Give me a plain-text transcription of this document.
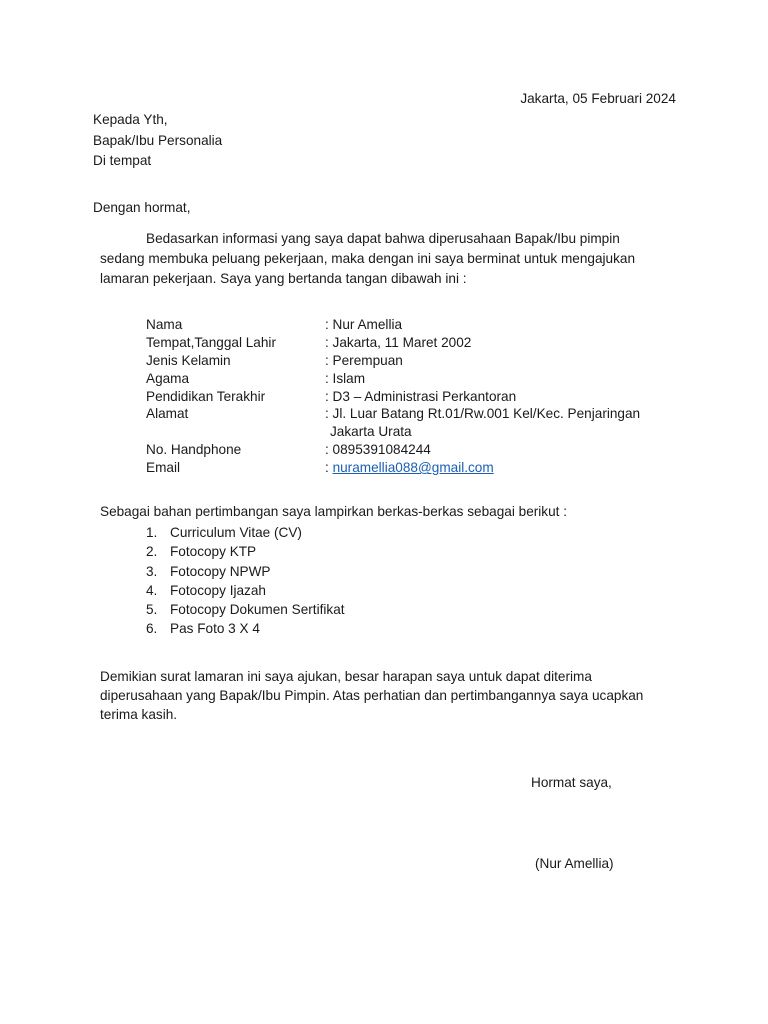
Jakarta, 05 Februari 2024
Kepada Yth,
Bapak/Ibu Personalia
Di tempat
Dengan hormat,
Bedasarkan informasi yang saya dapat bahwa diperusahaan Bapak/Ibu pimpin
sedang membuka peluang pekerjaan, maka dengan ini saya berminat untuk mengajukan
lamaran pekerjaan. Saya yang bertanda tangan dibawah ini :
Nama	: Nur Amellia
Tempat,Tanggal Lahir	: Jakarta, 11 Maret 2002
Jenis Kelamin	: Perempuan
Agama	: Islam
Pendidikan Terakhir	: D3 – Administrasi Perkantoran
Alamat	: Jl. Luar Batang Rt.01/Rw.001 Kel/Kec. Penjaringan
Jakarta Urata
No. Handphone	: 0895391084244
Email	: nuramellia088@gmail.com
Sebagai bahan pertimbangan saya lampirkan berkas-berkas sebagai berikut :
1. Curriculum Vitae (CV)
2. Fotocopy KTP
3. Fotocopy NPWP
4. Fotocopy Ijazah
5. Fotocopy Dokumen Sertifikat
6. Pas Foto 3 X 4
Demikian surat lamaran ini saya ajukan, besar harapan saya untuk dapat diterima
diperusahaan yang Bapak/Ibu Pimpin. Atas perhatian dan pertimbangannya saya ucapkan
terima kasih.
Hormat saya,
(Nur Amellia)
